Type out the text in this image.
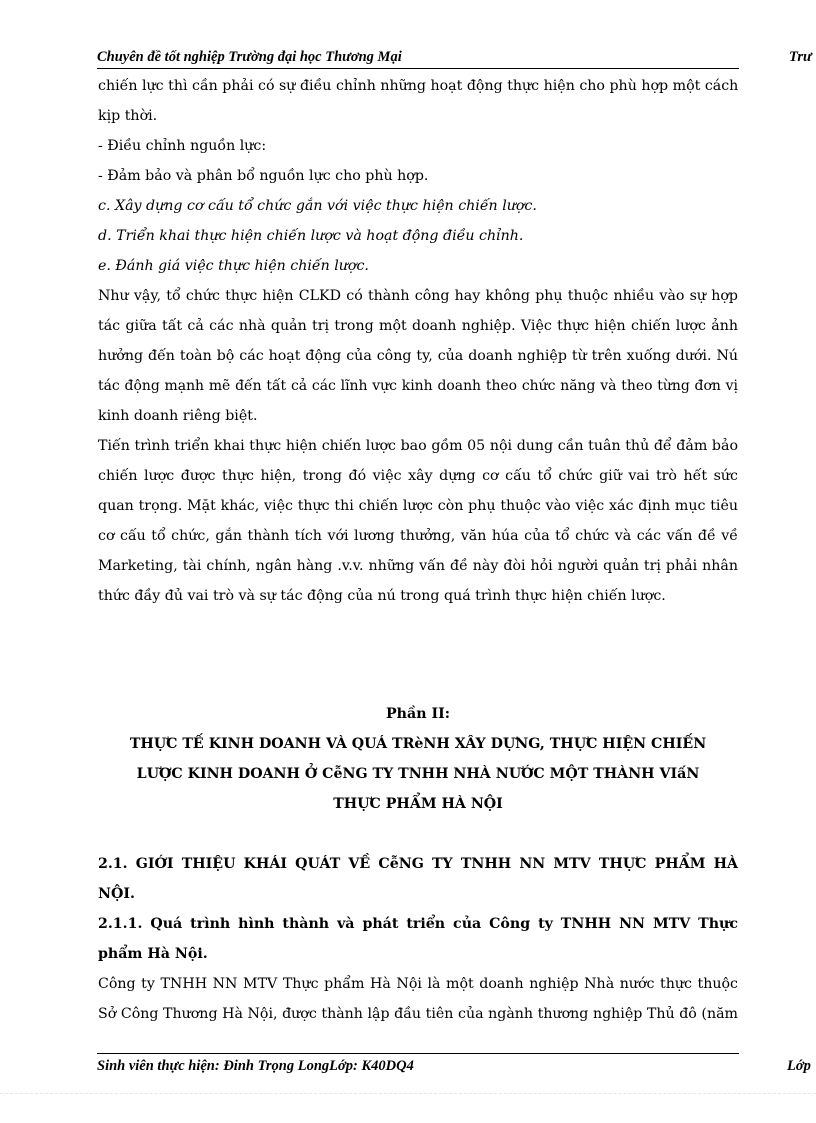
Chuyên đề tốt nghiệp Trường đại học Thương Mại	Trư
chiến lực thì cần phải có sự điều chỉnh những hoạt động thực hiện cho phù hợp một cách
kịp thời.
- Điều chỉnh nguồn lực:
- Đảm bảo và phân bổ nguồn lực cho phù hợp.
c. Xây dựng cơ cấu tổ chức gắn với việc thực hiện chiến lược.
d. Triển khai thực hiện chiến lược và hoạt động điều chỉnh.
e. Đánh giá việc thực hiện chiến lược.
Như vậy, tổ chức thực hiện CLKD có thành công hay không phụ thuộc nhiều vào sự hợp
tác giữa tất cả các nhà quản trị trong một doanh nghiệp. Việc thực hiện chiến lược ảnh
hưởng đến toàn bộ các hoạt động của công ty, của doanh nghiệp từ trên xuống dưới. Nú
tác động mạnh mẽ đến tất cả các lĩnh vực kinh doanh theo chức năng và theo từng đơn vị
kinh doanh riêng biệt.
Tiến trình triển khai thực hiện chiến lược bao gồm 05 nội dung cần tuân thủ để đảm bảo
chiến lược được thực hiện, trong đó việc xây dựng cơ cấu tổ chức giữ vai trò hết sức
quan trọng. Mặt khác, việc thực thi chiến lược còn phụ thuộc vào việc xác định mục tiêu
cơ cấu tổ chức, gắn thành tích với lương thưởng, văn húa của tổ chức và các vấn đề về
Marketing, tài chính, ngân hàng .v.v. những vấn đề này đòi hỏi người quản trị phải nhân
thức đầy đủ vai trò và sự tác động của nú trong quá trình thực hiện chiến lược.
Phần II:
THỰC TẾ KINH DOANH VÀ QUÁ TRèNH XÂY DỰNG, THỰC HIỆN CHIẾN
LƯỢC KINH DOANH Ở CễNG TY TNHH NHÀ NƯỚC MỘT THÀNH VIấN
THỰC PHẨM HÀ NỘI
2.1. GIỚI THIỆU KHÁI QUÁT VỀ CễNG TY TNHH NN MTV THỰC PHẨM HÀ
NỘI.
2.1.1. Quá trình hình thành và phát triển của Công ty TNHH NN MTV Thực
phẩm Hà Nội.
Công ty TNHH NN MTV Thực phẩm Hà Nội là một doanh nghiệp Nhà nước thực thuộc
Sở Công Thương Hà Nội, được thành lập đầu tiên của ngành thương nghiệp Thủ đô (năm
Sinh viên thực hiện: Đinh Trọng LongLớp: K40DQ4	Lớp
